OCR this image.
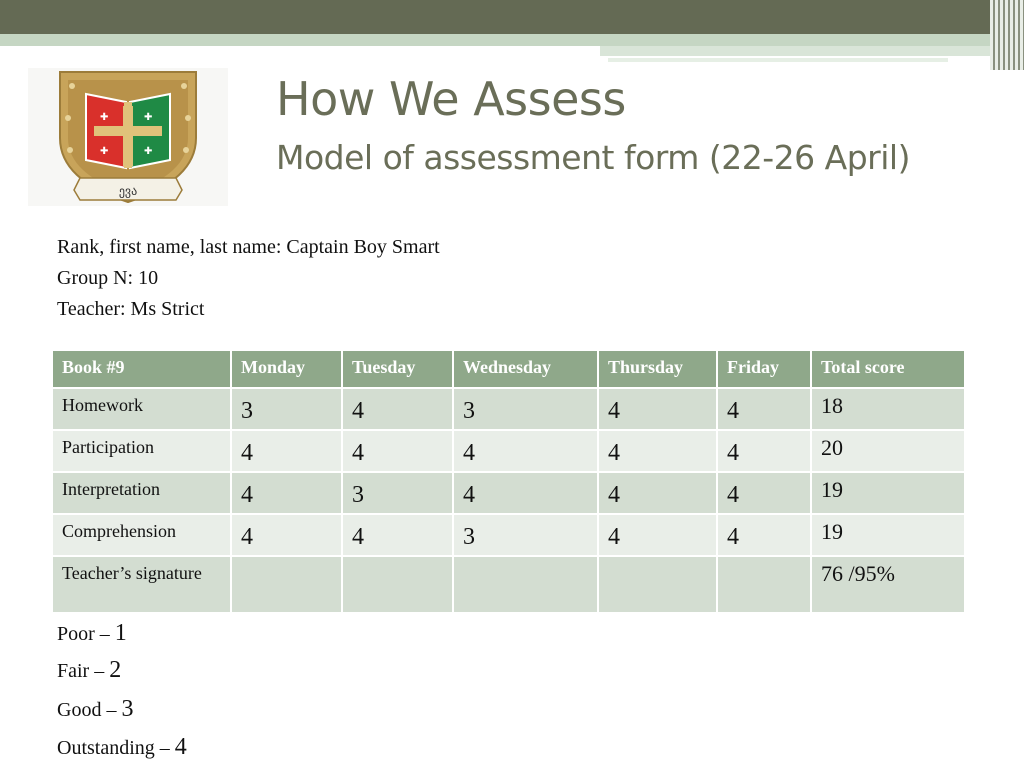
✚	✚
✚	✚
ევა
How We Assess
Model of assessment form (22-26 April)
Rank, first name, last name: Captain Boy Smart
Group N: 10
Teacher: Ms Strict
Book #9	Monday	Tuesday	Wednesday	Thursday	Friday	Total score
Homework	3	4	3	4	4	18
Participation	4	4	4	4	4	20
Interpretation	4	3	4	4	4	19
Comprehension	4	4	3	4	4	19
Teacher’s signature						76 /95%
Poor – 1
Fair – 2
Good – 3
Outstanding – 4
